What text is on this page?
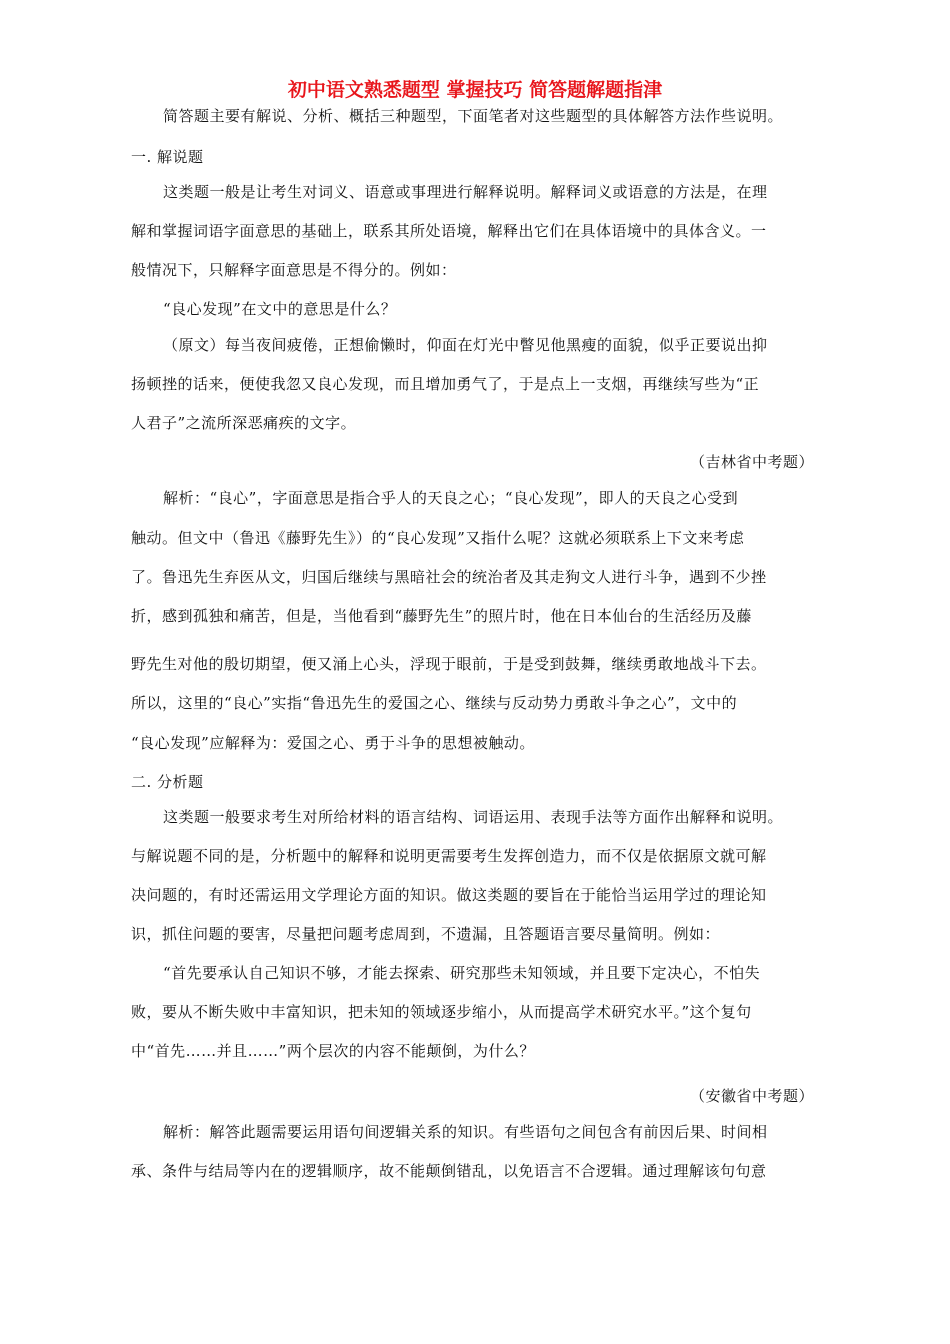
初中语文熟悉题型 掌握技巧 简答题解题指津
简答题主要有解说、分析、概括三种题型，下面笔者对这些题型的具体解答方法作些说明。
一. 解说题
这类题一般是让考生对词义、语意或事理进行解释说明。解释词义或语意的方法是，在理
解和掌握词语字面意思的基础上，联系其所处语境，解释出它们在具体语境中的具体含义。一
般情况下，只解释字面意思是不得分的。例如：
“良心发现”在文中的意思是什么？
（原文）每当夜间疲倦，正想偷懒时，仰面在灯光中瞥见他黑瘦的面貌，似乎正要说出抑
扬顿挫的话来，便使我忽又良心发现，而且增加勇气了，于是点上一支烟，再继续写些为“正
人君子”之流所深恶痛疾的文字。
（吉林省中考题）
解析：“良心”，字面意思是指合乎人的天良之心；“良心发现”，即人的天良之心受到
触动。但文中（鲁迅《藤野先生》）的“良心发现”又指什么呢？这就必须联系上下文来考虑
了。鲁迅先生弃医从文，归国后继续与黑暗社会的统治者及其走狗文人进行斗争，遇到不少挫
折，感到孤独和痛苦，但是，当他看到“藤野先生”的照片时，他在日本仙台的生活经历及藤
野先生对他的殷切期望，便又涌上心头，浮现于眼前，于是受到鼓舞，继续勇敢地战斗下去。
所以，这里的“良心”实指“鲁迅先生的爱国之心、继续与反动势力勇敢斗争之心”，文中的
“良心发现”应解释为：爱国之心、勇于斗争的思想被触动。
二. 分析题
这类题一般要求考生对所给材料的语言结构、词语运用、表现手法等方面作出解释和说明。
与解说题不同的是，分析题中的解释和说明更需要考生发挥创造力，而不仅是依据原文就可解
决问题的，有时还需运用文学理论方面的知识。做这类题的要旨在于能恰当运用学过的理论知
识，抓住问题的要害，尽量把问题考虑周到，不遗漏，且答题语言要尽量简明。例如：
“首先要承认自己知识不够，才能去探索、研究那些未知领域，并且要下定决心，不怕失
败，要从不断失败中丰富知识，把未知的领域逐步缩小，从而提高学术研究水平。”这个复句
中“首先……并且……”两个层次的内容不能颠倒，为什么？
（安徽省中考题）
解析：解答此题需要运用语句间逻辑关系的知识。有些语句之间包含有前因后果、时间相
承、条件与结局等内在的逻辑顺序，故不能颠倒错乱，以免语言不合逻辑。通过理解该句句意
